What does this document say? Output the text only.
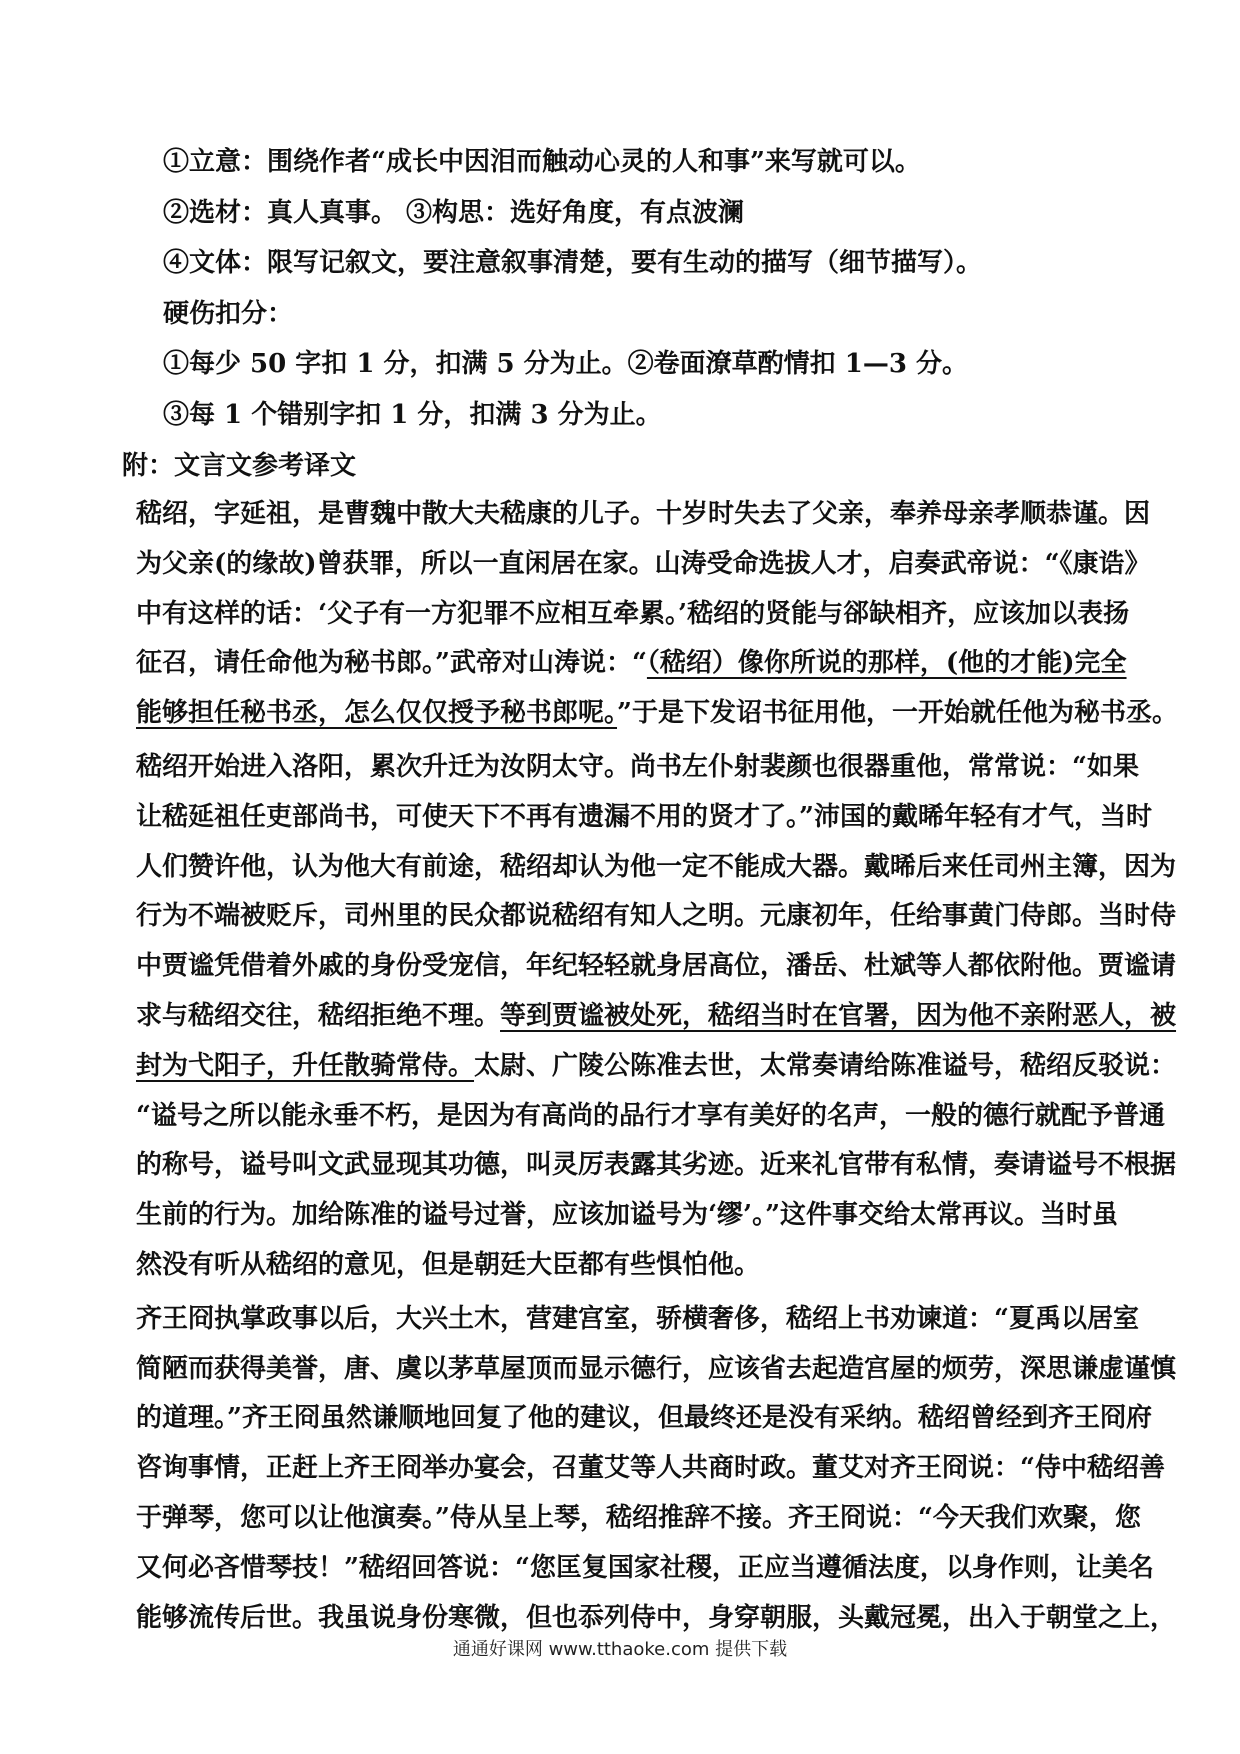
①立意：围绕作者“成长中因泪而触动心灵的人和事”来写就可以。
②选材：真人真事。 ③构思：选好角度，有点波澜
④文体：限写记叙文，要注意叙事清楚，要有生动的描写（细节描写）。
硬伤扣分：
①每少 50 字扣 1 分，扣满 5 分为止。②卷面潦草酌情扣 1—3 分。
③每 1 个错别字扣 1 分，扣满 3 分为止。
附：文言文参考译文
嵇绍，字延祖，是曹魏中散大夫嵇康的儿子。十岁时失去了父亲，奉养母亲孝顺恭谨。因
为父亲(的缘故)曾获罪，所以一直闲居在家。山涛受命选拔人才，启奏武帝说：“《康诰》
中有这样的话：‘父子有一方犯罪不应相互牵累。’嵇绍的贤能与郤缺相齐，应该加以表扬
征召，请任命他为秘书郎。”武帝对山涛说：“（嵇绍）像你所说的那样，(他的才能)完全
能够担任秘书丞，怎么仅仅授予秘书郎呢。”于是下发诏书征用他，一开始就任他为秘书丞。
嵇绍开始进入洛阳，累次升迁为汝阴太守。尚书左仆射裴颜也很器重他，常常说：“如果
让嵇延祖任吏部尚书，可使天下不再有遗漏不用的贤才了。”沛国的戴晞年轻有才气，当时
人们赞许他，认为他大有前途，嵇绍却认为他一定不能成大器。戴晞后来任司州主簿，因为
行为不端被贬斥，司州里的民众都说嵇绍有知人之明。元康初年，任给事黄门侍郎。当时侍
中贾谧凭借着外戚的身份受宠信，年纪轻轻就身居高位，潘岳、杜斌等人都依附他。贾谧请
求与嵇绍交往，嵇绍拒绝不理。等到贾谧被处死，嵇绍当时在官署，因为他不亲附恶人，被
封为弋阳子，升任散骑常侍。太尉、广陵公陈准去世，太常奏请给陈准谥号，嵇绍反驳说：
“谥号之所以能永垂不朽，是因为有高尚的品行才享有美好的名声，一般的德行就配予普通
的称号，谥号叫文武显现其功德，叫灵厉表露其劣迹。近来礼官带有私情，奏请谥号不根据
生前的行为。加给陈准的谥号过誉，应该加谥号为‘缪’。”这件事交给太常再议。当时虽
然没有听从嵇绍的意见，但是朝廷大臣都有些惧怕他。
齐王冏执掌政事以后，大兴土木，营建宫室，骄横奢侈，嵇绍上书劝谏道：“夏禹以居室
简陋而获得美誉，唐、虞以茅草屋顶而显示德行，应该省去起造宫屋的烦劳，深思谦虚谨慎
的道理。”齐王冏虽然谦顺地回复了他的建议，但最终还是没有采纳。嵇绍曾经到齐王冏府
咨询事情，正赶上齐王冏举办宴会，召董艾等人共商时政。董艾对齐王冏说：“侍中嵇绍善
于弹琴，您可以让他演奏。”侍从呈上琴，嵇绍推辞不接。齐王冏说：“今天我们欢聚，您
又何必吝惜琴技！”嵇绍回答说：“您匡复国家社稷，正应当遵循法度，以身作则，让美名
能够流传后世。我虽说身份寒微，但也忝列侍中，身穿朝服，头戴冠冕，出入于朝堂之上，
通通好课网 www.tthaoke.com 提供下载
